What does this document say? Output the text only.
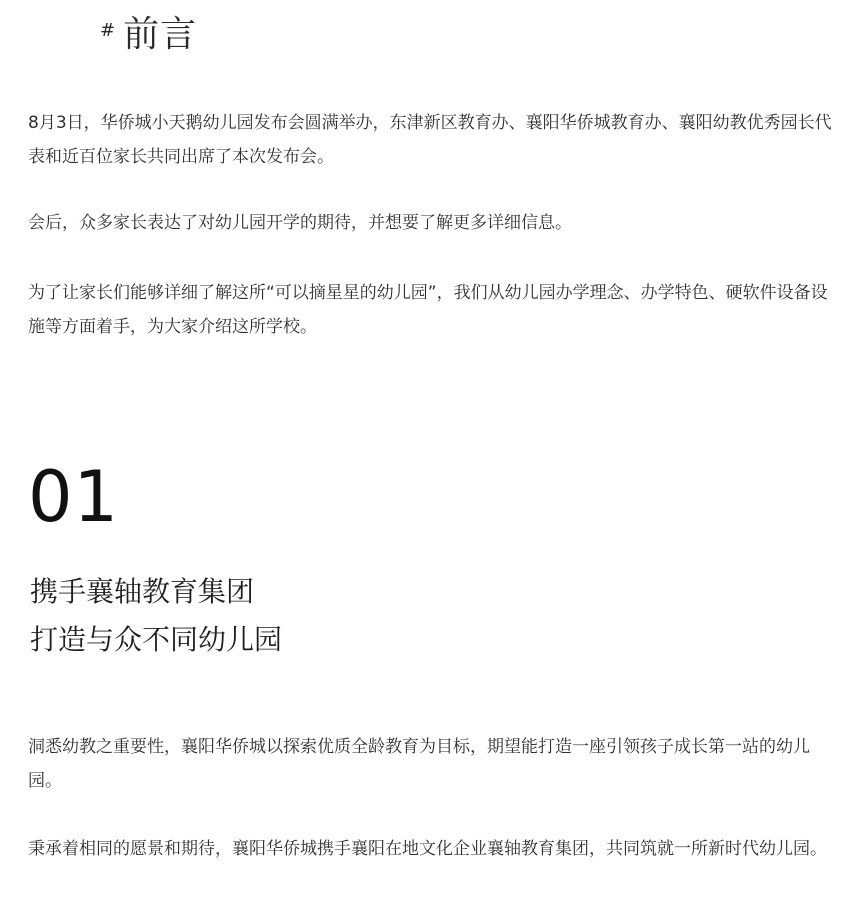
# 前言

8月3日，华侨城小天鹅幼儿园发布会圆满举办，东津新区教育办、襄阳华侨城教育办、襄阳幼教优秀园长代表和近百位家长共同出席了本次发布会。

会后，众多家长表达了对幼儿园开学的期待，并想要了解更多详细信息。

为了让家长们能够详细了解这所“可以摘星星的幼儿园”，我们从幼儿园办学理念、办学特色、硬软件设备设施等方面着手，为大家介绍这所学校。

01
携手襄轴教育集团
打造与众不同幼儿园

洞悉幼教之重要性，襄阳华侨城以探索优质全龄教育为目标，期望能打造一座引领孩子成长第一站的幼儿园。

秉承着相同的愿景和期待，襄阳华侨城携手襄阳在地文化企业襄轴教育集团，共同筑就一所新时代幼儿园。
